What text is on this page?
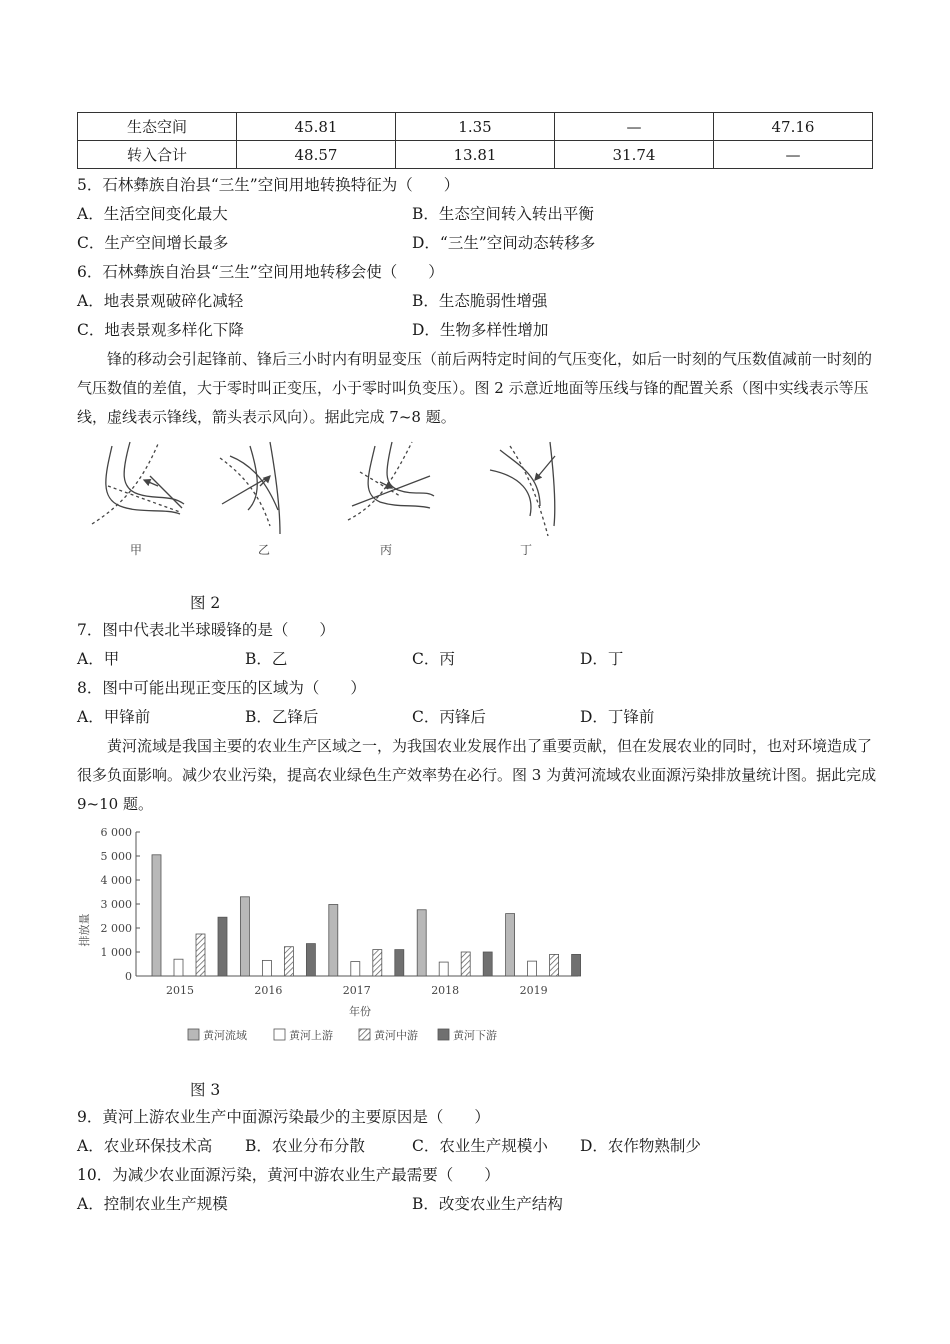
生态空间	45.81	1.35	—	47.16
转入合计	48.57	13.81	31.74	—
5．石林彝族自治县“三生”空间用地转换特征为（　　）
A．生活空间变化最大	B．生态空间转入转出平衡
C．生产空间增长最多	D．“三生”空间动态转移多
6．石林彝族自治县“三生”空间用地转移会使（　　）
A．地表景观破碎化减轻	B．生态脆弱性增强
C．地表景观多样化下降	D．生物多样性增加
锋的移动会引起锋前、锋后三小时内有明显变压（前后两特定时间的气压变化，如后一时刻的气压数值减前一时刻的气压数值的差值，大于零时叫正变压，小于零时叫负变压）。图 2 示意近地面等压线与锋的配置关系（图中实线表示等压线，虚线表示锋线，箭头表示风向）。据此完成 7~8 题。
甲	乙	丙	丁
图 2
7．图中代表北半球暖锋的是（　　）
A．甲	B．乙	C．丙	D．丁
8．图中可能出现正变压的区域为（　　）
A．甲锋前	B．乙锋后	C．丙锋后	D．丁锋前
黄河流域是我国主要的农业生产区域之一，为我国农业发展作出了重要贡献，但在发展农业的同时，也对环境造成了很多负面影响。减少农业污染，提高农业绿色生产效率势在必行。图 3 为黄河流域农业面源污染排放量统计图。据此完成 9~10 题。
排放量
年份
6 000
5 000
4 000
3 000
2 000
1 000
0
2015	2016	2017	2018	2019
黄河流域	黄河上游	黄河中游	黄河下游
图 3
9．黄河上游农业生产中面源污染最少的主要原因是（　　）
A．农业环保技术高 B．农业分布分散	C．农业生产规模小 D．农作物熟制少
10．为减少农业面源污染，黄河中游农业生产最需要（　　）
A．控制农业生产规模	B．改变农业生产结构
